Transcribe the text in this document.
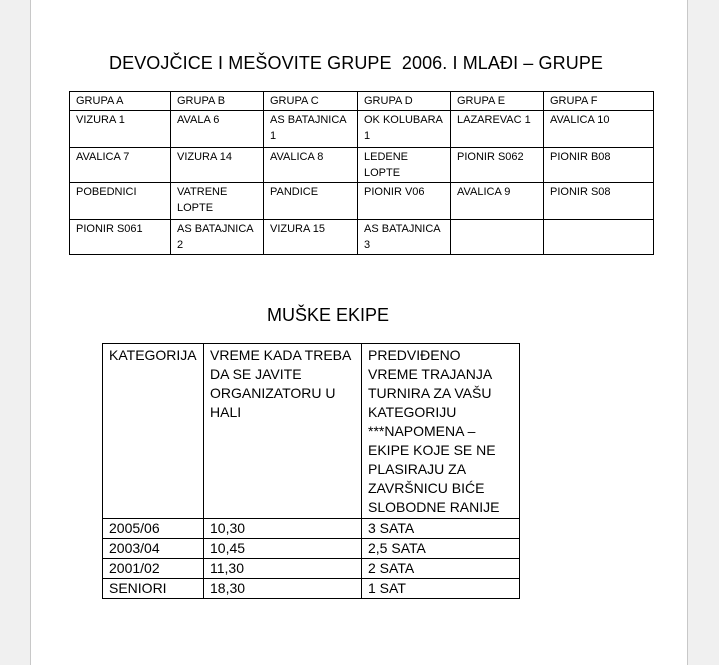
DEVOJČICE I MEŠOVITE GRUPE  2006. I MLAĐI – GRUPE
GRUPA A	GRUPA B	GRUPA C	GRUPA D	GRUPA E	GRUPA F
VIZURA 1	AVALA 6	AS BATAJNICA 1	OK KOLUBARA 1	LAZAREVAC 1	AVALICA 10
AVALICA 7	VIZURA 14	AVALICA 8	LEDENE LOPTE	PIONIR S062	PIONIR B08
POBEDNICI	VATRENE LOPTE	PANDICE	PIONIR V06	AVALICA 9	PIONIR S08
PIONIR S061	AS BATAJNICA 2	VIZURA 15	AS BATAJNICA 3		
MUŠKE EKIPE
KATEGORIJA	VREME KADA TREBA DA SE JAVITE ORGANIZATORU U HALI	PREDVIĐENO VREME TRAJANJA TURNIRA ZA VAŠU KATEGORIJU ***NAPOMENA – EKIPE KOJE SE NE PLASIRAJU ZA ZAVRŠNICU BIĆE SLOBODNE RANIJE
2005/06	10,30	3 SATA
2003/04	10,45	2,5 SATA
2001/02	11,30	2 SATA
SENIORI	18,30	1 SAT
